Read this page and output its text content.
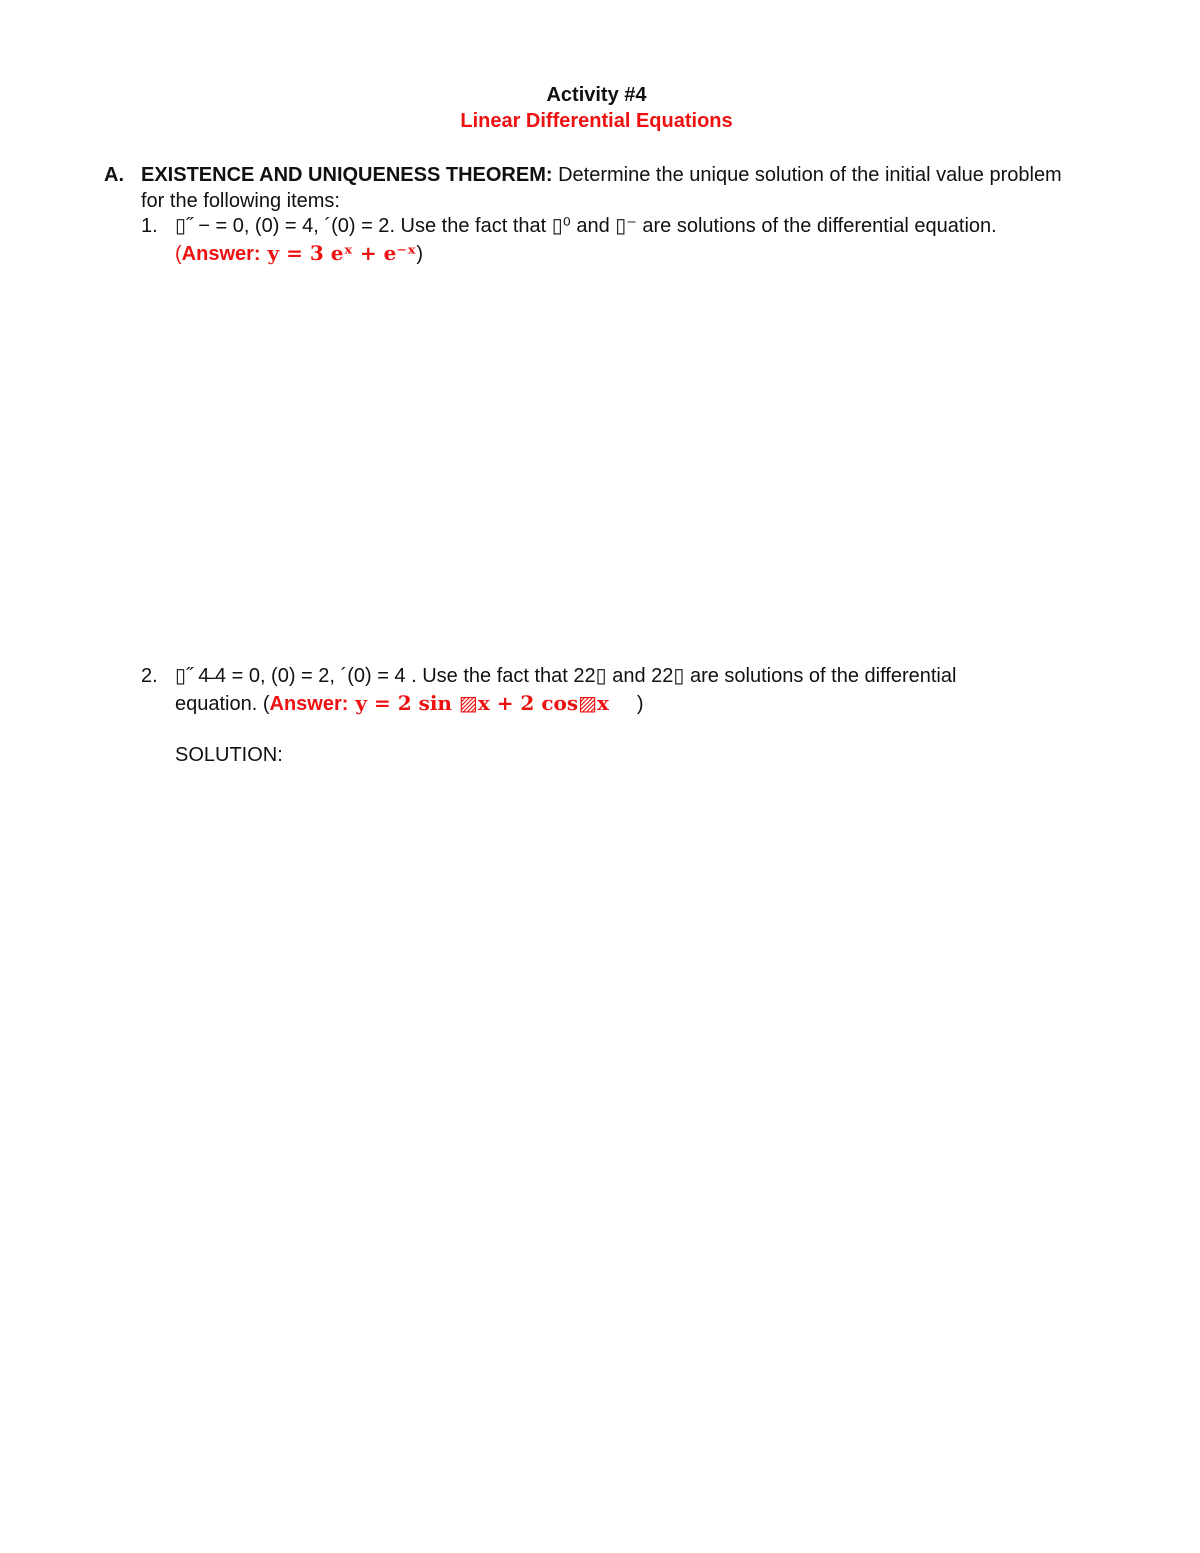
Activity #4
Linear Differential Equations
A. EXISTENCE AND UNIQUENESS THEOREM: Determine the unique solution of the initial value problem
for the following items:
1. ▯˝ − = 0, (0) = 4, ´(0) = 2. Use the fact that ▯⁰ and ▯⁻ are solutions of the differential equation.
(Answer: y = 3 eˣ + e⁻ˣ)
2. ▯˝ 4̶ 4 = 0, (0) = 2, ´(0) = 4 . Use the fact that 22▯ and 22▯ are solutions of the differential
equation. (Answer: y = 2 sin ▨x + 2 cos▨x )
SOLUTION:
